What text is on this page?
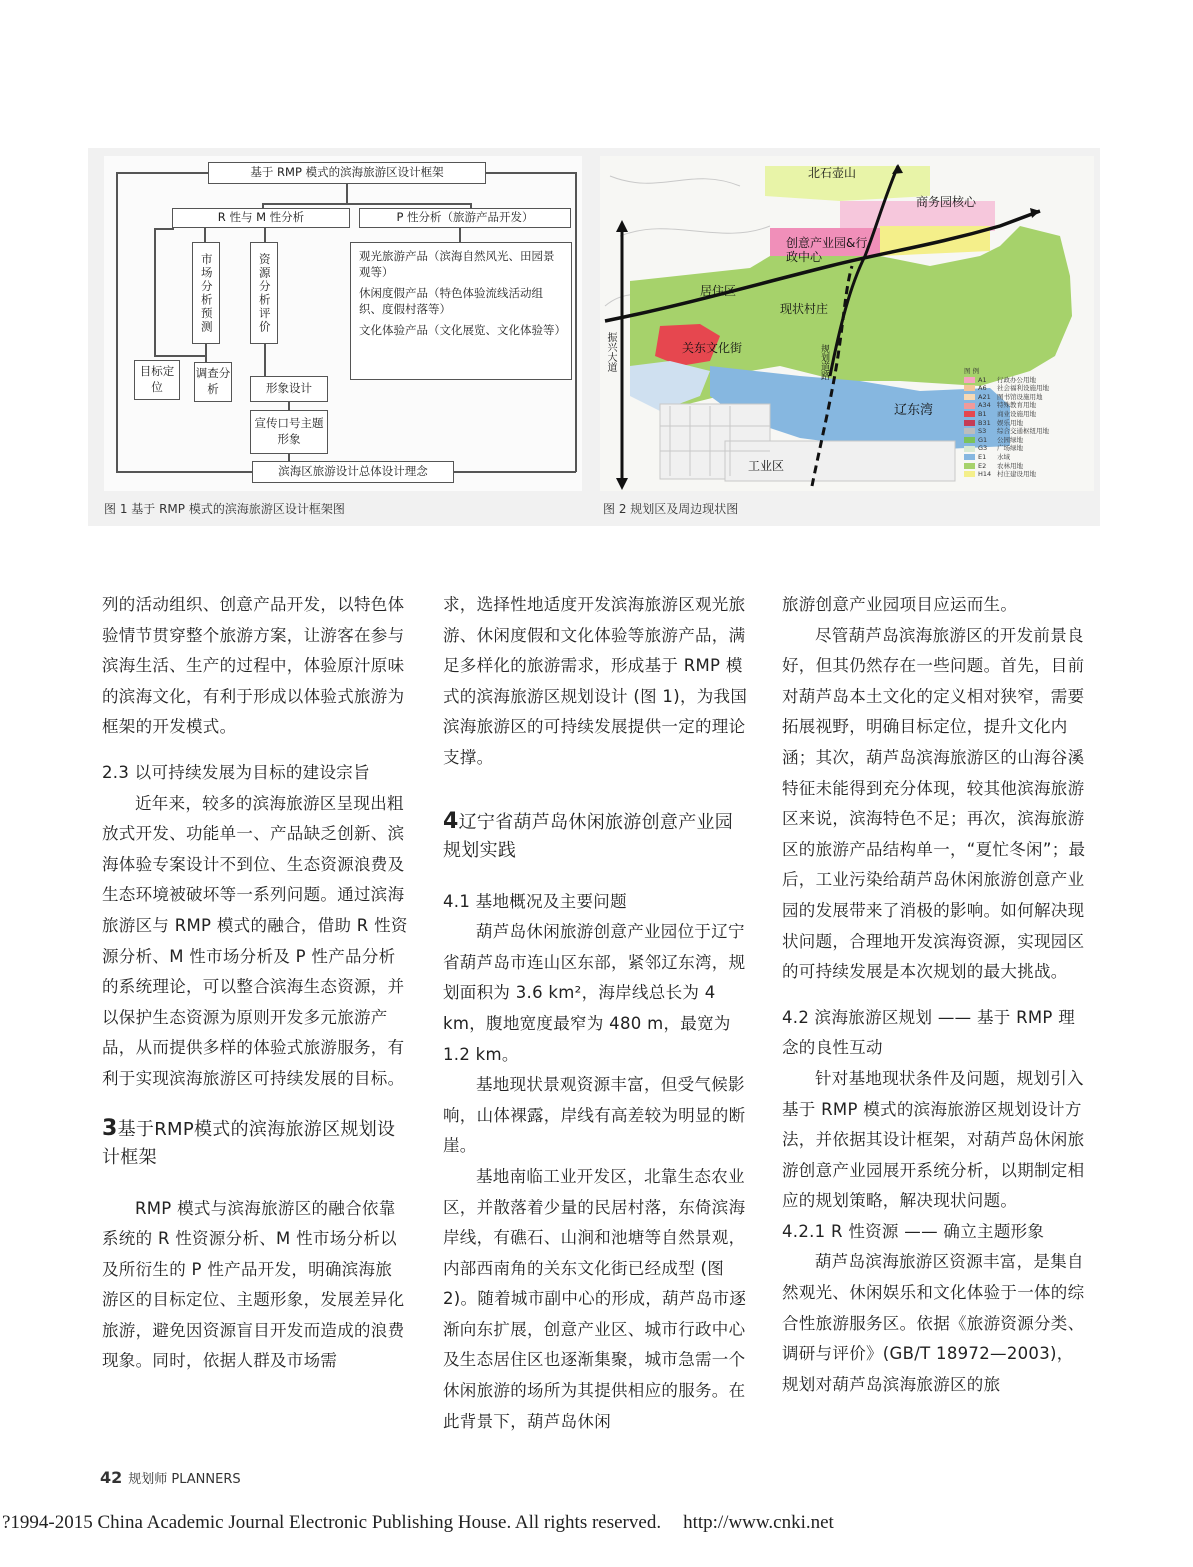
基于 RMP 模式的滨海旅游区设计框架
R 性与 M 性分析	P 性分析（旅游产品开发）
市场分析预测	资源分析评价	观光旅游产品（滨海自然风光、田园景观等）
休闲度假产品（特色体验流线活动组织、度假村落等）
文化体验产品（文化展览、文化体验等）
目标定位
调查分析	形象设计
宣传口号主题形象
滨海区旅游设计总体设计理念
图 1 基于 RMP 模式的滨海旅游区设计框架图
北石壶山
商务园核心
创意产业园&行政中心
居住区
现状村庄
关东文化街	规划道路
振兴大道
辽东湾
工业区
图 例
A1	行政办公用地
A6	社会福利设施用地
A21 图书馆设施用地
A34 特殊教育用地
B1	商业设施用地
B31 娱乐用地
S3	综合交通枢纽用地
G1	公园绿地
G3	广场绿地
E1	水域
E2	农林用地
H14 村庄建设用地
图 2 规划区及周边现状图

列的活动组织、创意产品开发，以特色体验情节贯穿整个旅游方案，让游客在参与滨海生活、生产的过程中，体验原汁原味的滨海文化，有利于形成以体验式旅游为框架的开发模式。

2.3 以可持续发展为目标的建设宗旨

近年来，较多的滨海旅游区呈现出粗放式开发、功能单一、产品缺乏创新、滨海体验专案设计不到位、生态资源浪费及生态环境被破坏等一系列问题。通过滨海旅游区与 RMP 模式的融合，借助 R 性资源分析、M 性市场分析及 P 性产品分析的系统理论，可以整合滨海生态资源，并以保护生态资源为原则开发多元旅游产品，从而提供多样的体验式旅游服务，有利于实现滨海旅游区可持续发展的目标。

3基于RMP模式的滨海旅游区规划设计框架

RMP 模式与滨海旅游区的融合依靠系统的 R 性资源分析、M 性市场分析以及所衍生的 P 性产品开发，明确滨海旅游区的目标定位、主题形象，发展差异化旅游，避免因资源盲目开发而造成的浪费现象。同时，依据人群及市场需

求，选择性地适度开发滨海旅游区观光旅游、休闲度假和文化体验等旅游产品，满足多样化的旅游需求，形成基于 RMP 模式的滨海旅游区规划设计 (图 1)，为我国滨海旅游区的可持续发展提供一定的理论支撑。

4辽宁省葫芦岛休闲旅游创意产业园规划实践

4.1 基地概况及主要问题

葫芦岛休闲旅游创意产业园位于辽宁省葫芦岛市连山区东部，紧邻辽东湾，规划面积为 3.6 km²，海岸线总长为 4 km，腹地宽度最窄为 480 m，最宽为 1.2 km。

基地现状景观资源丰富，但受气候影响，山体裸露，岸线有高差较为明显的断崖。

基地南临工业开发区，北靠生态农业区，并散落着少量的民居村落，东倚滨海岸线，有礁石、山涧和池塘等自然景观，内部西南角的关东文化街已经成型 (图 2)。随着城市副中心的形成，葫芦岛市逐渐向东扩展，创意产业区、城市行政中心及生态居住区也逐渐集聚，城市急需一个休闲旅游的场所为其提供相应的服务。在此背景下，葫芦岛休闲

旅游创意产业园项目应运而生。

尽管葫芦岛滨海旅游区的开发前景良好，但其仍然存在一些问题。首先，目前对葫芦岛本土文化的定义相对狭窄，需要拓展视野，明确目标定位，提升文化内涵；其次，葫芦岛滨海旅游区的山海谷溪特征未能得到充分体现，较其他滨海旅游区来说，滨海特色不足；再次，滨海旅游区的旅游产品结构单一，“夏忙冬闲”；最后，工业污染给葫芦岛休闲旅游创意产业园的发展带来了消极的影响。如何解决现状问题，合理地开发滨海资源，实现园区的可持续发展是本次规划的最大挑战。

4.2 滨海旅游区规划 —— 基于 RMP 理念的良性互动

针对基地现状条件及问题，规划引入基于 RMP 模式的滨海旅游区规划设计方法，并依据其设计框架，对葫芦岛休闲旅游创意产业园展开系统分析，以期制定相应的规划策略，解决现状问题。

4.2.1 R 性资源 —— 确立主题形象

葫芦岛滨海旅游区资源丰富，是集自然观光、休闲娱乐和文化体验于一体的综合性旅游服务区。依据《旅游资源分类、调研与评价》(GB/T 18972—2003)，规划对葫芦岛滨海旅游区的旅

42 规划师 PLANNERS
?1994-2015 China Academic Journal Electronic Publishing House. All rights reserved. http://www.cnki.net
